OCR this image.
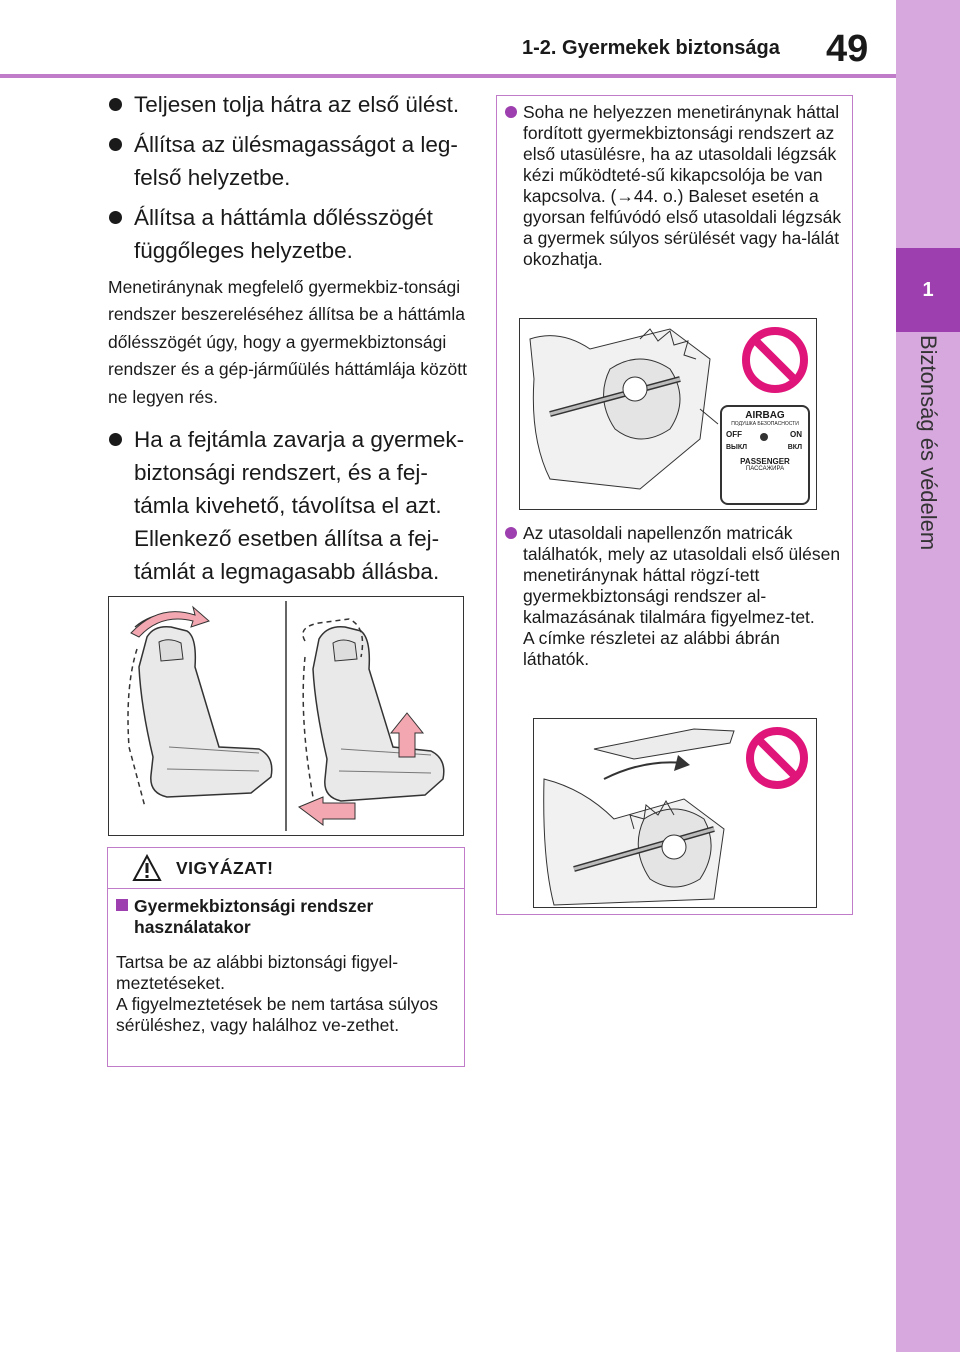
1-2. Gyermekek biztonsága 49
1
Biztonság és védelem
Teljesen tolja hátra az első ülést.
Állítsa az ülésmagasságot a leg-felső helyzetbe.
Állítsa a háttámla dőlésszögét függőleges helyzetbe.
Menetiránynak megfelelő gyermekbiz-tonsági rendszer beszereléséhez állítsa be a háttámla dőlésszögét úgy, hogy a gyermekbiztonsági rendszer és a gép-járműülés háttámlája között ne legyen rés.
Ha a fejtámla zavarja a gyermek-biztonsági rendszert, és a fej-támla kivehető, távolítsa el azt. Ellenkező esetben állítsa a fej-támlát a legmagasabb állásba.
VIGYÁZAT!
Gyermekbiztonsági rendszer használatakor
Tartsa be az alábbi biztonsági figyel-meztetéseket.
A figyelmeztetések be nem tartása súlyos sérüléshez, vagy halálhoz ve-zethet.
Soha ne helyezzen menetiránynak háttal fordított gyermekbiztonsági rendszert az első utasülésre, ha az utasoldali légzsák kézi működteté-sű kikapcsolója be van kapcsolva. (→44. o.) Baleset esetén a gyorsan felfúvódó első utasoldali légzsák a gyermek súlyos sérülését vagy ha-lálát okozhatja.
AIRBAG
ПОДУШКА БЕЗОПАСНОСТИ
OFF	ON
ВЫКЛ	ВКЛ
PASSENGER
ПАССАЖИРА
Az utasoldali napellenzőn matricák találhatók, mely az utasoldali első ülésen menetiránynak háttal rögzí-tett gyermekbiztonsági rendszer al-kalmazásának tilalmára figyelmez-tet.
A címke részletei az alábbi ábrán láthatók.
